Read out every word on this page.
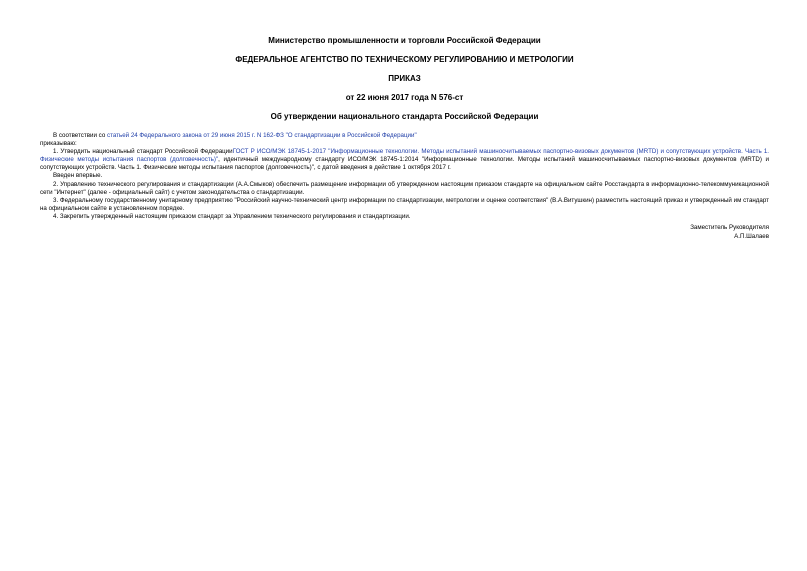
Министерство промышленности и торговли Российской Федерации
ФЕДЕРАЛЬНОЕ АГЕНТСТВО ПО ТЕХНИЧЕСКОМУ РЕГУЛИРОВАНИЮ И МЕТРОЛОГИИ
ПРИКАЗ
от 22 июня 2017 года N 576-ст
Об утверждении национального стандарта Российской Федерации

В соответствии со статьей 24 Федерального закона от 29 июня 2015 г. N 162-ФЗ "О стандартизации в Российской Федерации"

приказываю:

1. Утвердить национальный стандарт Российской ФедерацииГОСТ Р ИСО/МЭК 18745-1-2017 "Информационные технологии. Методы испытаний машиносчитываемых паспортно-визовых документов (MRTD) и сопутствующих устройств. Часть 1. Физические методы испытания паспортов (долговечность)", идентичный международному стандарту ИСО/МЭК 18745-1:2014 "Информационные технологии. Методы испытаний машиносчитываемых паспортно-визовых документов (MRTD) и сопутствующих устройств. Часть 1. Физические методы испытания паспортов (долговечность)", с датой введения в действие 1 октября 2017 г.

Введен впервые.

2. Управлению технического регулирования и стандартизации (А.А.Смыков) обеспечить размещение информации об утвержденном настоящим приказом стандарте на официальном сайте Росстандарта в информационно-телекоммуникационной сети "Интернет" (далее - официальный сайт) с учетом законодательства о стандартизации.

3. Федеральному государственному унитарному предприятию "Российский научно-технический центр информации по стандартизации, метрологии и оценке соответствия" (В.А.Витушкин) разместить настоящий приказ и утвержденный им стандарт на официальном сайте в установленном порядке.

4. Закрепить утвержденный настоящим приказом стандарт за Управлением технического регулирования и стандартизации.

Заместитель Руководителя
А.П.Шалаев
